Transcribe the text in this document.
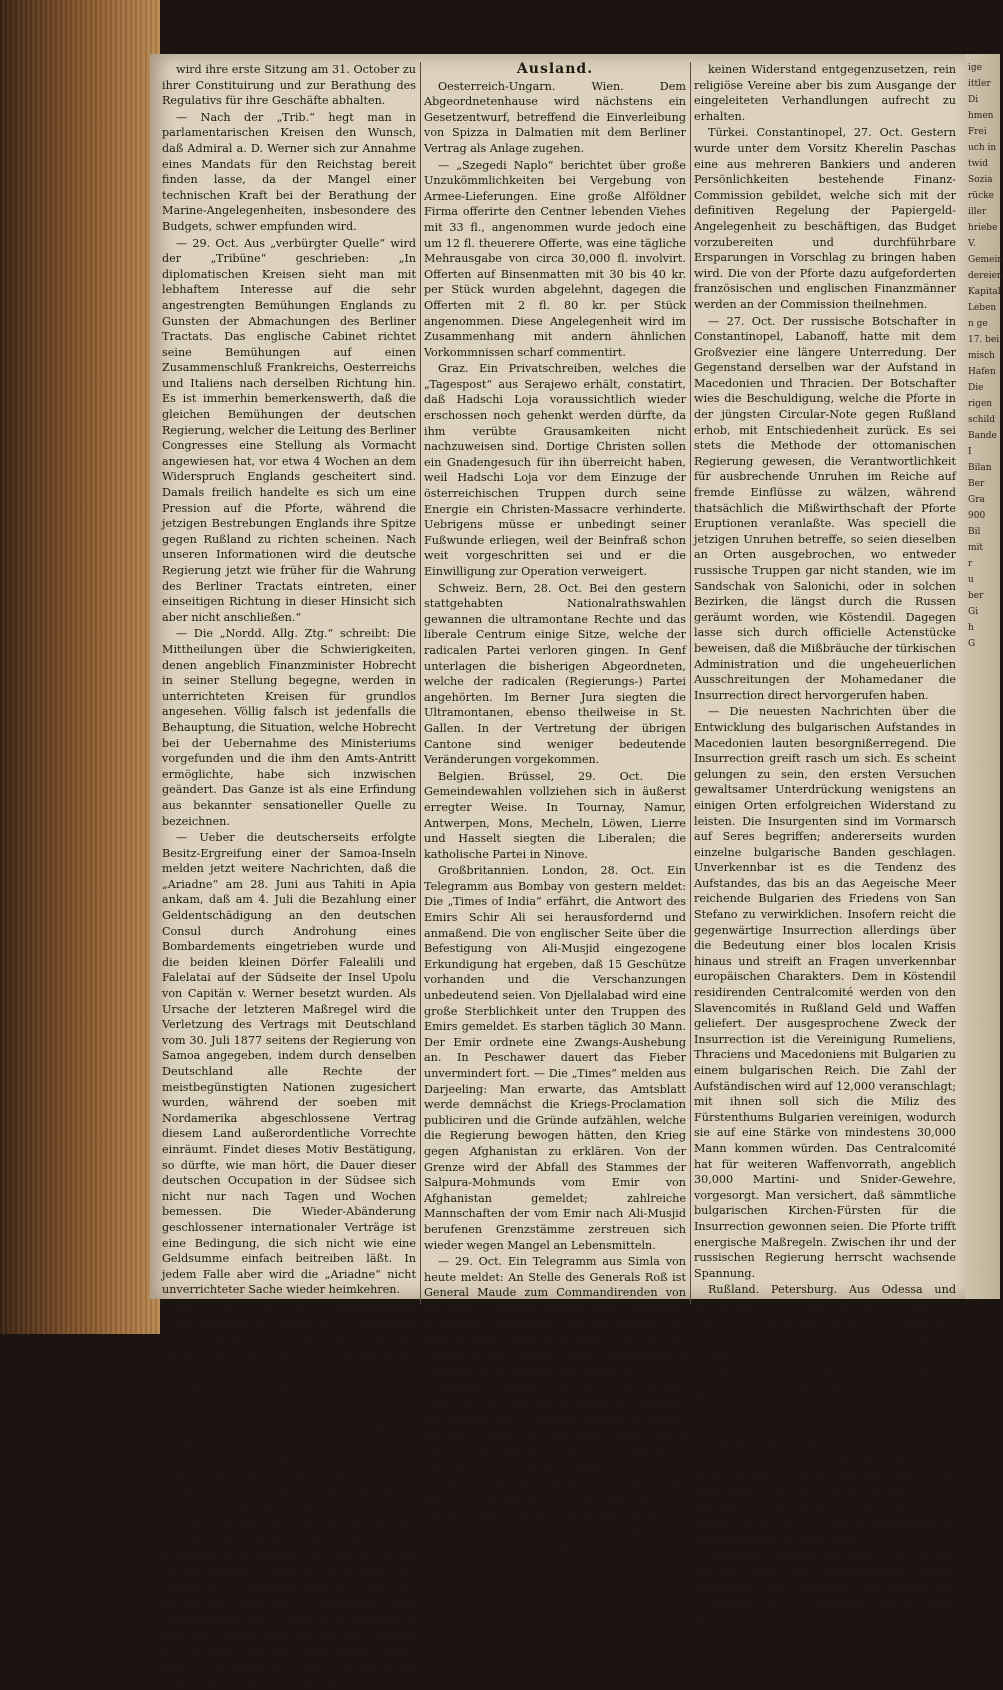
ige
ittler
Di
hmen
Frei
uch in
twid
Sozia
rücke
iller
hriebe
V.
Gemein
dereien
Kapital
Leben
n ge
17. bei
misch
Hafen
Die
rigen
schild
Bande
I
Bilan
Ber
Gra
900
Bil
mit
r
u
ber
Gi
h
G

wird ihre erste Sitzung am 31. October zu ihrer Constituirung und zur Berathung des Regulativs für ihre Geschäfte abhalten.

— Nach der „Trib.“ hegt man in parlamentarischen Kreisen den Wunsch, daß Admiral a. D. Werner sich zur Annahme eines Mandats für den Reichstag bereit finden lasse, da der Mangel einer technischen Kraft bei der Berathung der Marine-Angelegenheiten, insbesondere des Budgets, schwer empfunden wird.

— 29. Oct. Aus „verbürgter Quelle“ wird der „Tribüne“ geschrieben: „In diplomatischen Kreisen sieht man mit lebhaftem Interesse auf die sehr angestrengten Bemühungen Englands zu Gunsten der Abmachungen des Berliner Tractats. Das englische Cabinet richtet seine Bemühungen auf einen Zusammenschluß Frankreichs, Oesterreichs und Italiens nach derselben Richtung hin. Es ist immerhin bemerkenswerth, daß die gleichen Bemühungen der deutschen Regierung, welcher die Leitung des Berliner Congresses eine Stellung als Vormacht angewiesen hat, vor etwa 4 Wochen an dem Widerspruch Englands gescheitert sind. Damals freilich handelte es sich um eine Pression auf die Pforte, während die jetzigen Bestrebungen Englands ihre Spitze gegen Rußland zu richten scheinen. Nach unseren Informationen wird die deutsche Regierung jetzt wie früher für die Wahrung des Berliner Tractats eintreten, einer einseitigen Richtung in dieser Hinsicht sich aber nicht anschließen.“

— Die „Nordd. Allg. Ztg.“ schreibt: Die Mittheilungen über die Schwierigkeiten, denen angeblich Finanzminister Hobrecht in seiner Stellung begegne, werden in unterrichteten Kreisen für grundlos angesehen. Völlig falsch ist jedenfalls die Behauptung, die Situation, welche Hobrecht bei der Uebernahme des Ministeriums vorgefunden und die ihm den Amts-Antritt ermöglichte, habe sich inzwischen geändert. Das Ganze ist als eine Erfindung aus bekannter sensationeller Quelle zu bezeichnen.

— Ueber die deutscherseits erfolgte Besitz-Ergreifung einer der Samoa-Inseln melden jetzt weitere Nachrichten, daß die „Ariadne“ am 28. Juni aus Tahiti in Apia ankam, daß am 4. Juli die Bezahlung einer Geldentschädigung an den deutschen Consul durch Androhung eines Bombardements eingetrieben wurde und die beiden kleinen Dörfer Falealili und Falelatai auf der Südseite der Insel Upolu von Capitän v. Werner besetzt wurden. Als Ursache der letzteren Maßregel wird die Verletzung des Vertrags mit Deutschland vom 30. Juli 1877 seitens der Regierung von Samoa angegeben, indem durch denselben Deutschland alle Rechte der meistbegünstigten Nationen zugesichert wurden, während der soeben mit Nordamerika abgeschlossene Vertrag diesem Land außerordentliche Vorrechte einräumt. Findet dieses Motiv Bestätigung, so dürfte, wie man hört, die Dauer dieser deutschen Occupation in der Südsee sich nicht nur nach Tagen und Wochen bemessen. Die Wieder-Abänderung geschlossener internationaler Verträge ist eine Bedingung, die sich nicht wie eine Geldsumme einfach beitreiben läßt. In jedem Falle aber wird die „Ariadne“ nicht unverrichteter Sache wieder heimkehren.

Kiel. Die jetzt hier stattfindenden Vernehmungen in Sachen des Untergangs des „Großen Kurfürsten“ sind von der „Kieler Ztg.“ durch die bis jetzt gepflogenen kriegsgerichtlichen Untersuchungen veranlaßt worden. Das Kriegsgericht selbst wird schwerlich noch in diesem Jahre zusammentreten und die Erledigung der ganzen Sache, welche beim Gardecorps anhängig ist, vor März nächstes Jahres nicht zu erwarten sein.

Karlsruhe, 24. Oct. Der Landtag ist heute wieder zusammengetreten. Beide Kammern beschlossen Deputationen an den Kaiser und den Großherzog, um ihre Theilnahme an den Ereignissen dieses Jahres zu bekunden. Vom Minister des Innern wurden Gesetzentwürfe vorgelegt, betreffend die städtischen Gemeinde-Steuern und die Anstellung weiblicher Lehrerinnen, vom Justizminister der Forststraf-Gesetzentwurf und eine Vorlage über das Rechtsverhältniß der Richter. Geheime Rath Lamey wurde durch Acclamation ohne Widerspruch wieder zum Präsidenten gewählt.

Ausland.

Oesterreich-Ungarn. Wien. Dem Abgeordnetenhause wird nächstens ein Gesetzentwurf, betreffend die Einverleibung von Spizza in Dalmatien mit dem Berliner Vertrag als Anlage zugehen.

— „Szegedi Naplo“ berichtet über große Unzukömmlichkeiten bei Vergebung von Armee-Lieferungen. Eine große Alföldner Firma offerirte den Centner lebenden Viehes mit 33 fl., angenommen wurde jedoch eine um 12 fl. theuerere Offerte, was eine tägliche Mehrausgabe von circa 30,000 fl. involvirt. Offerten auf Binsenmatten mit 30 bis 40 kr. per Stück wurden abgelehnt, dagegen die Offerten mit 2 fl. 80 kr. per Stück angenommen. Diese Angelegenheit wird im Zusammenhang mit andern ähnlichen Vorkommnissen scharf commentirt.

Graz. Ein Privatschreiben, welches die „Tagespost“ aus Serajewo erhält, constatirt, daß Hadschi Loja voraussichtlich wieder erschossen noch gehenkt werden dürfte, da ihm verübte Grausamkeiten nicht nachzuweisen sind. Dortige Christen sollen ein Gnadengesuch für ihn überreicht haben, weil Hadschi Loja vor dem Einzuge der österreichischen Truppen durch seine Energie ein Christen-Massacre verhinderte. Uebrigens müsse er unbedingt seiner Fußwunde erliegen, weil der Beinfraß schon weit vorgeschritten sei und er die Einwilligung zur Operation verweigert.

Schweiz. Bern, 28. Oct. Bei den gestern stattgehabten Nationalrathswahlen gewannen die ultramontane Rechte und das liberale Centrum einige Sitze, welche der radicalen Partei verloren gingen. In Genf unterlagen die bisherigen Abgeordneten, welche der radicalen (Regierungs-) Partei angehörten. Im Berner Jura siegten die Ultramontanen, ebenso theilweise in St. Gallen. In der Vertretung der übrigen Cantone sind weniger bedeutende Veränderungen vorgekommen.

Belgien. Brüssel, 29. Oct. Die Gemeindewahlen vollziehen sich in äußerst erregter Weise. In Tournay, Namur, Antwerpen, Mons, Mecheln, Löwen, Lierre und Hasselt siegten die Liberalen; die katholische Partei in Ninove.

Großbritannien. London, 28. Oct. Ein Telegramm aus Bombay von gestern meldet: Die „Times of India“ erfährt, die Antwort des Emirs Schir Ali sei herausfordernd und anmaßend. Die von englischer Seite über die Befestigung von Ali-Musjid eingezogene Erkundigung hat ergeben, daß 15 Geschütze vorhanden und die Verschanzungen unbedeutend seien. Von Djellalabad wird eine große Sterblichkeit unter den Truppen des Emirs gemeldet. Es starben täglich 30 Mann. Der Emir ordnete eine Zwangs-Aushebung an. In Peschawer dauert das Fieber unvermindert fort. — Die „Times“ melden aus Darjeeling: Man erwarte, das Amtsblatt werde demnächst die Kriegs-Proclamation publiciren und die Gründe aufzählen, welche die Regierung bewogen hätten, den Krieg gegen Afghanistan zu erklären. Von der Grenze wird der Abfall des Stammes der Salpura-Mohmunds vom Emir von Afghanistan gemeldet; zahlreiche Mannschaften der vom Emir nach Ali-Musjid berufenen Grenzstämme zerstreuen sich wieder wegen Mangel an Lebensmitteln.

— 29. Oct. Ein Telegramm aus Simla von heute meldet: An Stelle des Generals Roß ist General Maude zum Commandirenden von Peschawer ernannt worden. Das Commando in Multan übernimmt General Stewart. Es sind Befehle ertheilt worden, um für die Transport von 20,000 Mann erforderlichen Vorräthe in Peschawer anzusammeln.

Spanien. Madrid, 29. Oct. Die Polizei entdeckte 18 Flaschen Dynamit zu Chamberi bei Madrid. Drei Personen wurden verhaftet. Da der Urheber des Attentats, Oliva, einen Vertheidiger ablehnt, so wurde für denselben ein Official Vertheidiger ernannt.

Italien. Rom. In Folge des Beschlusses der deutschen Regierung betreffs Auflösung von Vereinen hat die päpstliche Regierung an den deutschen Klerus Instructionen gesendet, worin demselben empfohlen wird, der gedachten Maßregel

keinen Widerstand entgegenzusetzen, rein religiöse Vereine aber bis zum Ausgange der eingeleiteten Verhandlungen aufrecht zu erhalten.

Türkei. Constantinopel, 27. Oct. Gestern wurde unter dem Vorsitz Kherelin Paschas eine aus mehreren Bankiers und anderen Persönlichkeiten bestehende Finanz-Commission gebildet, welche sich mit der definitiven Regelung der Papiergeld-Angelegenheit zu beschäftigen, das Budget vorzubereiten und durchführbare Ersparungen in Vorschlag zu bringen haben wird. Die von der Pforte dazu aufgeforderten französischen und englischen Finanzmänner werden an der Commission theilnehmen.

— 27. Oct. Der russische Botschafter in Constantinopel, Labanoff, hatte mit dem Großvezier eine längere Unterredung. Der Gegenstand derselben war der Aufstand in Macedonien und Thracien. Der Botschafter wies die Beschuldigung, welche die Pforte in der jüngsten Circular-Note gegen Rußland erhob, mit Entschiedenheit zurück. Es sei stets die Methode der ottomanischen Regierung gewesen, die Verantwortlichkeit für ausbrechende Unruhen im Reiche auf fremde Einflüsse zu wälzen, während thatsächlich die Mißwirthschaft der Pforte Eruptionen veranlaßte. Was speciell die jetzigen Unruhen betreffe, so seien dieselben an Orten ausgebrochen, wo entweder russische Truppen gar nicht standen, wie im Sandschak von Salonichi, oder in solchen Bezirken, die längst durch die Russen geräumt worden, wie Köstendil. Dagegen lasse sich durch officielle Actenstücke beweisen, daß die Mißbräuche der türkischen Administration und die ungeheuerlichen Ausschreitungen der Mohamedaner die Insurrection direct hervorgerufen haben.

— Die neuesten Nachrichten über die Entwicklung des bulgarischen Aufstandes in Macedonien lauten besorgnißerregend. Die Insurrection greift rasch um sich. Es scheint gelungen zu sein, den ersten Versuchen gewaltsamer Unterdrückung wenigstens an einigen Orten erfolgreichen Widerstand zu leisten. Die Insurgenten sind im Vormarsch auf Seres begriffen; andererseits wurden einzelne bulgarische Banden geschlagen. Unverkennbar ist es die Tendenz des Aufstandes, das bis an das Aegeische Meer reichende Bulgarien des Friedens von San Stefano zu verwirklichen. Insofern reicht die gegenwärtige Insurrection allerdings über die Bedeutung einer blos localen Krisis hinaus und streift an Fragen unverkennbar europäischen Charakters. Dem in Köstendil residirenden Centralcomité werden von den Slavencomités in Rußland Geld und Waffen geliefert. Der ausgesprochene Zweck der Insurrection ist die Vereinigung Rumeliens, Thraciens und Macedoniens mit Bulgarien zu einem bulgarischen Reich. Die Zahl der Aufständischen wird auf 12,000 veranschlagt; mit ihnen soll sich die Miliz des Fürstenthums Bulgarien vereinigen, wodurch sie auf eine Stärke von mindestens 30,000 Mann kommen würden. Das Centralcomité hat für weiteren Waffenvorrath, angeblich 30,000 Martini- und Snider-Gewehre, vorgesorgt. Man versichert, daß sämmtliche bulgarischen Kirchen-Fürsten für die Insurrection gewonnen seien. Die Pforte trifft energische Maßregeln. Zwischen ihr und der russischen Regierung herrscht wachsende Spannung.

Rußland. Petersburg. Aus Odessa und Sebastopol werden neue zur Verstärkung des russischen Armeebestandes in Rumelien bestimmte russische Truppentransporte signalisirt.

Warschau. Die Bauern bei Dubno in Volhynien haben eigenmächtig Güter dortiger Edelleute unter einander vertheilt, indem sie behaupten, der Zar habe den Bauern sämmtlichen Grundbesitz des dortigen polnischen Adels versprochen, welche Zusage nur durch Bestechung der Beamten bisher nicht ausgeführt wurde. Mehrere bäuerliche Rädelsführer wurden zwar verhaftet, doch offenbar nur pro forma, da die Güter noch immer nicht den früheren Eigenthümern zurückgegeben worden sind.

Aegypten. Alexandrien. Durch Decret des Khedive wird der Finanzminister Wilson ermächtigt, ohne Aufnahme einer Anleihe von 8,500,000 Lstl. zu verhandeln, welche durch die
